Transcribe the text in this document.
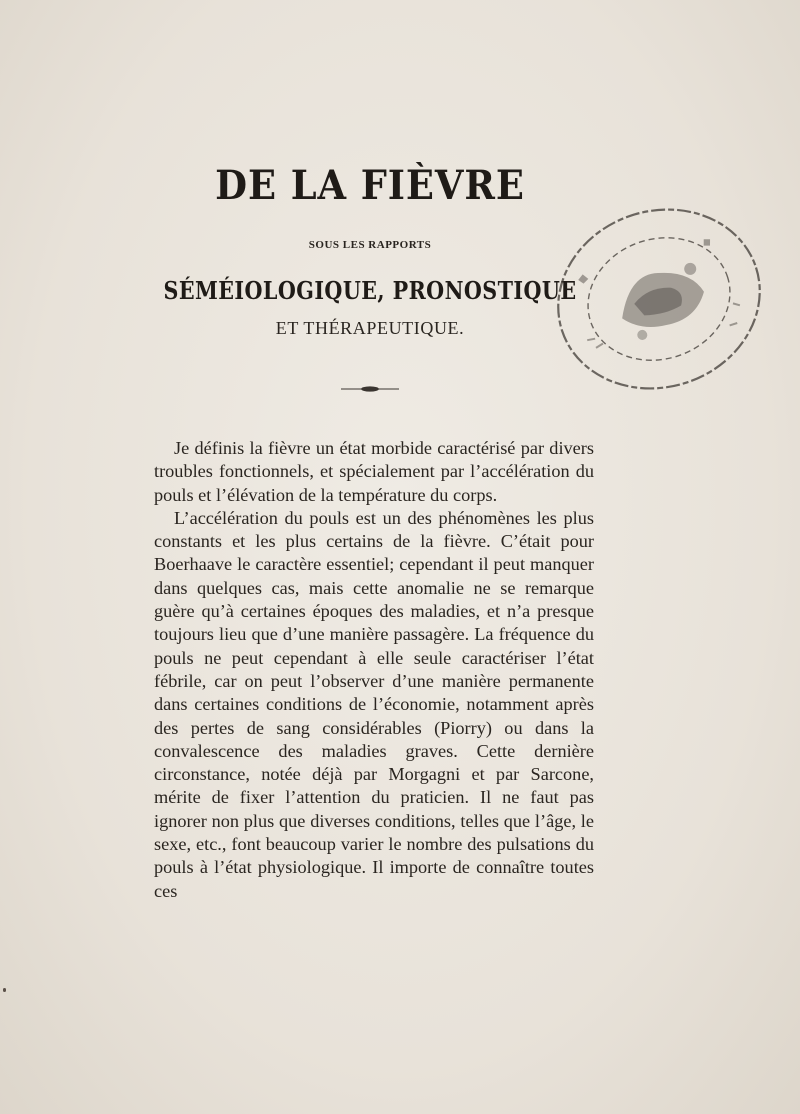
DE LA FIÈVRE
SOUS LES RAPPORTS
SÉMÉIOLOGIQUE, PRONOSTIQUE
ET THÉRAPEUTIQUE.

Je définis la fièvre un état morbide caractérisé par divers troubles fonctionnels, et spécialement par l’accélération du pouls et l’élévation de la température du corps.

L’accélération du pouls est un des phénomènes les plus constants et les plus certains de la fièvre. C’était pour Boerhaave le caractère essentiel; cependant il peut manquer dans quelques cas, mais cette anomalie ne se remarque guère qu’à certaines époques des maladies, et n’a presque toujours lieu que d’une manière passagère. La fréquence du pouls ne peut cependant à elle seule caractériser l’état fébrile, car on peut l’observer d’une manière permanente dans certaines conditions de l’économie, notamment après des pertes de sang considérables (Piorry) ou dans la convalescence des maladies graves. Cette dernière circonstance, notée déjà par Morgagni et par Sarcone, mérite de fixer l’attention du praticien. Il ne faut pas ignorer non plus que diverses conditions, telles que l’âge, le sexe, etc., font beaucoup varier le nombre des pulsations du pouls à l’état physiologique. Il importe de connaître toutes ces
